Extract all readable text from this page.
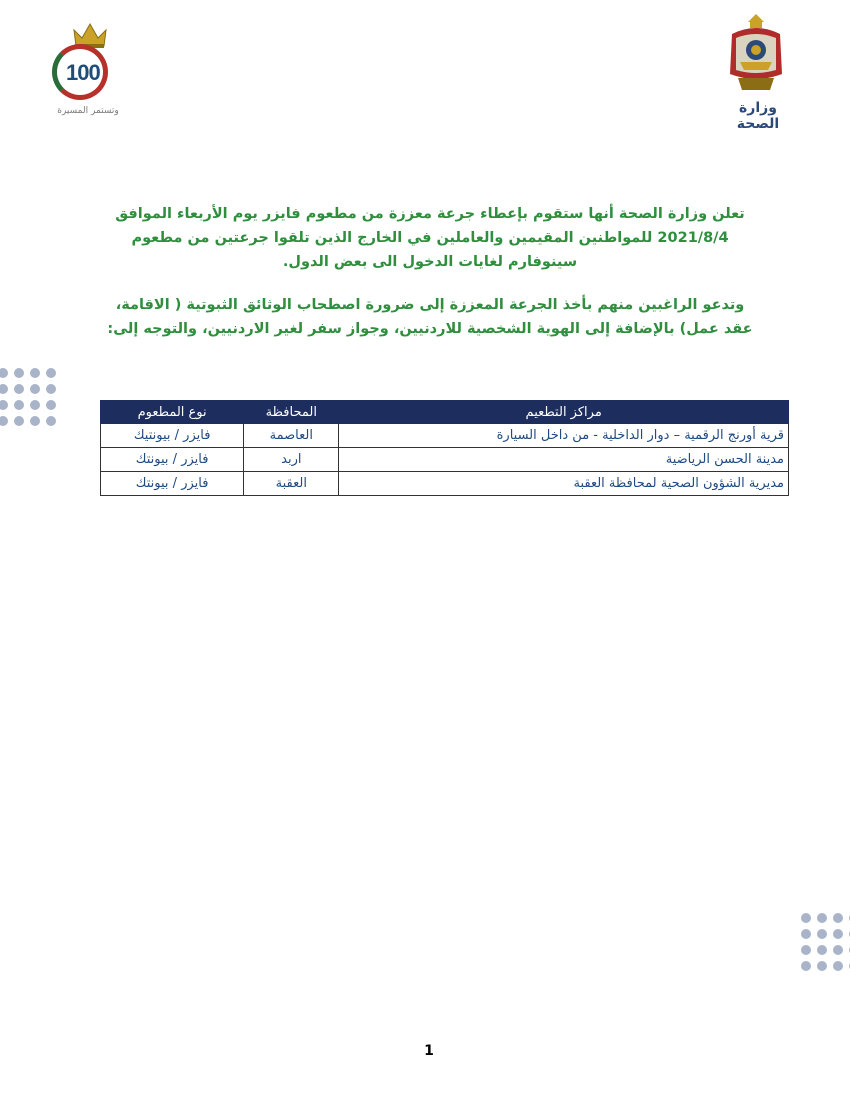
100
وتستمر المسيرة	وزارة الصحة
تعلن وزارة الصحة أنها ستقوم بإعطاء جرعة معززة من مطعوم فايزر يوم الأربعاء الموافق 2021/8/4 للمواطنين المقيمين والعاملين في الخارج الذين تلقوا جرعتين من مطعوم سينوفارم لغايات الدخول الى بعض الدول.
وتدعو الراغبين منهم بأخذ الجرعة المعززة إلى ضرورة اصطحاب الوثائق الثبوتية ( الاقامة، عقد عمل) بالإضافة إلى الهوية الشخصية للاردنيين، وجواز سفر لغير الاردنيين، والتوجه إلى:
مراكز التطعيم	المحافظة	نوع المطعوم
قرية أورنج الرقمية – دوار الداخلية - من داخل السيارة	العاصمة	فايزر / بيونتيك
مدينة الحسن الرياضية	اربد	فايزر / بيونتك
مديرية الشؤون الصحية لمحافظة العقبة	العقبة	فايزر / بيونتك
1
